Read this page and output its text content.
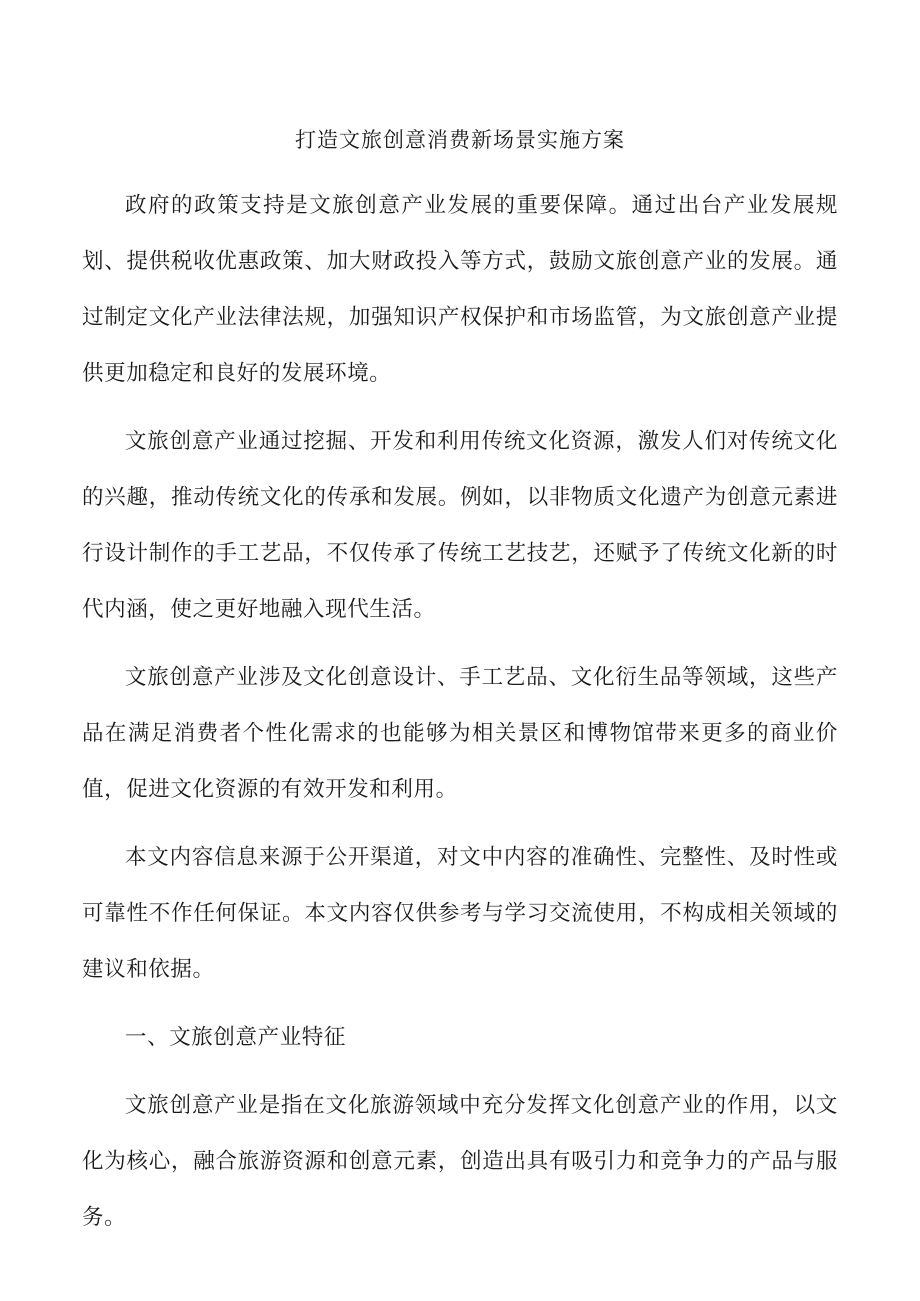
打造文旅创意消费新场景实施方案

政府的政策支持是文旅创意产业发展的重要保障。通过出台产业发展规划、提供税收优惠政策、加大财政投入等方式，鼓励文旅创意产业的发展。通过制定文化产业法律法规，加强知识产权保护和市场监管，为文旅创意产业提供更加稳定和良好的发展环境。

文旅创意产业通过挖掘、开发和利用传统文化资源，激发人们对传统文化的兴趣，推动传统文化的传承和发展。例如，以非物质文化遗产为创意元素进行设计制作的手工艺品，不仅传承了传统工艺技艺，还赋予了传统文化新的时代内涵，使之更好地融入现代生活。

文旅创意产业涉及文化创意设计、手工艺品、文化衍生品等领域，这些产品在满足消费者个性化需求的也能够为相关景区和博物馆带来更多的商业价值，促进文化资源的有效开发和利用。

本文内容信息来源于公开渠道，对文中内容的准确性、完整性、及时性或可靠性不作任何保证。本文内容仅供参考与学习交流使用，不构成相关领域的建议和依据。

一、文旅创意产业特征

文旅创意产业是指在文化旅游领域中充分发挥文化创意产业的作用，以文化为核心，融合旅游资源和创意元素，创造出具有吸引力和竞争力的产品与服务。
